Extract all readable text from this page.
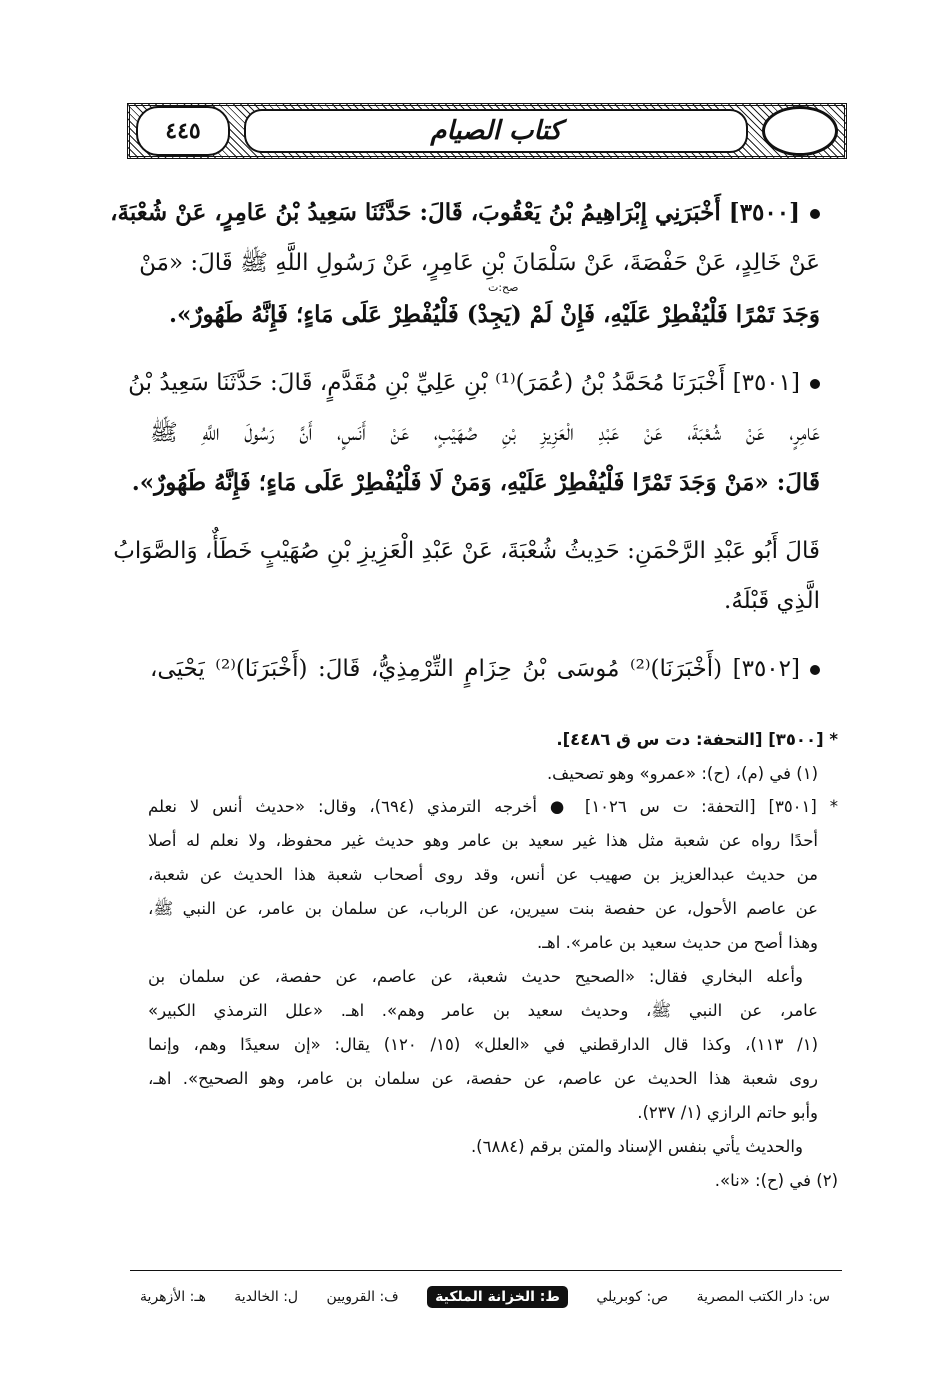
٤٤٥	كتاب الصيام
[٣٥٠٠] أَخْبَرَنِي إِبْرَاهِيمُ بْنُ يَعْقُوبَ، قَالَ: حَدَّثَنَا سَعِيدُ بْنُ عَامِرٍ، عَنْ شُعْبَةَ،
عَنْ خَالِدٍ، عَنْ حَفْصَةَ، عَنْ سَلْمَانَ بْنِ عَامِرٍ، عَنْ رَسُولِ اللَّهِ ﷺ قَالَ: «مَنْ
صح:ت
وَجَدَ تَمْرًا فَلْيُفْطِرْ عَلَيْهِ، فَإِنْ لَمْ (يَجِدْ) فَلْيُفْطِرْ عَلَى مَاءٍ؛ فَإِنَّهُ طَهُورٌ».
[٣٥٠١] أَخْبَرَنَا مُحَمَّدُ بْنُ (عُمَرَ)⁽¹⁾ بْنِ عَلِيِّ بْنِ مُقَدَّمٍ، قَالَ: حَدَّثَنَا سَعِيدُ بْنُ
عَامِرٍ، عَنْ شُعْبَةَ، عَنْ عَبْدِ الْعَزِيزِ بْنِ صُهَيْبٍ، عَنْ أَنَسٍ، أَنَّ رَسُولَ اللَّهِ ﷺ
قَالَ: «مَنْ وَجَدَ تَمْرًا فَلْيُفْطِرْ عَلَيْهِ، وَمَنْ لَا فَلْيُفْطِرْ عَلَى مَاءٍ؛ فَإِنَّهُ طَهُورٌ».
قَالَ أَبُو عَبْدِ الرَّحْمَنِ: حَدِيثُ شُعْبَةَ، عَنْ عَبْدِ الْعَزِيزِ بْنِ صُهَيْبٍ خَطَأٌ، وَالصَّوَابُ
الَّذِي قَبْلَهُ.
[٣٥٠٢] (أَخْبَرَنَا)⁽²⁾ مُوسَى بْنُ حِزَامٍ التِّرْمِذِيُّ، قَالَ: (أَخْبَرَنَا)⁽²⁾ يَحْيَى،
* [٣٥٠٠] [التحفة: دت س ق ٤٤٨٦].
(١) في (م)، (ح): «عمرو» وهو تصحيف.
* [٣٥٠١] [التحفة: ت س ١٠٢٦] ● أخرجه الترمذي (٦٩٤)، وقال: «حديث أنس لا نعلم
أحدًا رواه عن شعبة مثل هذا غير سعيد بن عامر وهو حديث غير محفوظ، ولا نعلم له أصلا
من حديث عبدالعزيز بن صهيب عن أنس، وقد روى أصحاب شعبة هذا الحديث عن شعبة،
عن عاصم الأحول، عن حفصة بنت سيرين، عن الرباب، عن سلمان بن عامر، عن النبي ﷺ،
وهذا أصح من حديث سعيد بن عامر». اهـ.
وأعله البخاري فقال: «الصحيح حديث شعبة، عن عاصم، عن حفصة، عن سلمان بن
عامر، عن النبي ﷺ، وحديث سعيد بن عامر وهم». اهـ. «علل الترمذي الكبير»
(١/ ١١٣)، وكذا قال الدارقطني في «العلل» (١٥/ ١٢٠) يقال: «إن سعيدًا وهم، وإنما
روى شعبة هذا الحديث عن عاصم، عن حفصة، عن سلمان بن عامر، وهو الصحيح». اهـ،
وأبو حاتم الرازي (١/ ٢٣٧).
والحديث يأتي بنفس الإسناد والمتن برقم (٦٨٨٤).
(٢) في (ح): «نا».
س: دار الكتب المصرية
ص: كوبريلي
ط: الخزانة الملكية
ف: القرويين
ل: الخالدية
هـ: الأزهرية
